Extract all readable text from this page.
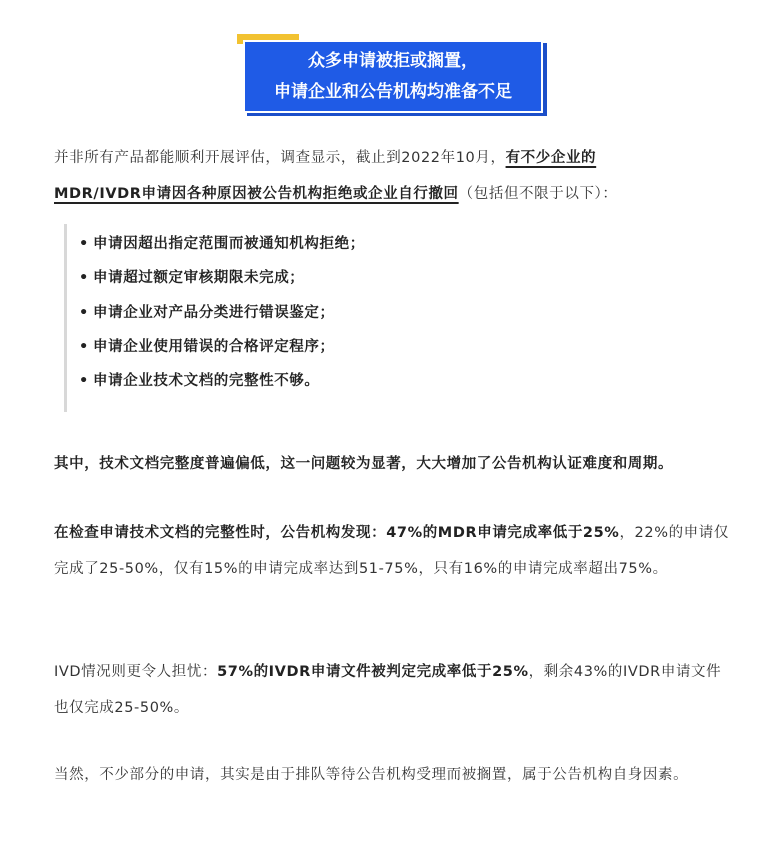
众多申请被拒或搁置，
申请企业和公告机构均准备不足
并非所有产品都能顺利开展评估，调查显示，截止到2022年10月，有不少企业的
MDR/IVDR申请因各种原因被公告机构拒绝或企业自行撤回（包括但不限于以下）：
• 申请因超出指定范围而被通知机构拒绝；
• 申请超过额定审核期限未完成；
• 申请企业对产品分类进行错误鉴定；
• 申请企业使用错误的合格评定程序；
• 申请企业技术文档的完整性不够。
其中，技术文档完整度普遍偏低，这一问题较为显著，大大增加了公告机构认证难度和周期。
在检查申请技术文档的完整性时，公告机构发现：47%的MDR申请完成率低于25%，22%的申请仅完成了25-50%，仅有15%的申请完成率达到51-75%，只有16%的申请完成率超出75%。
IVD情况则更令人担忧：57%的IVDR申请文件被判定完成率低于25%，剩余43%的IVDR申请文件也仅完成25-50%。
当然，不少部分的申请，其实是由于排队等待公告机构受理而被搁置，属于公告机构自身因素。
